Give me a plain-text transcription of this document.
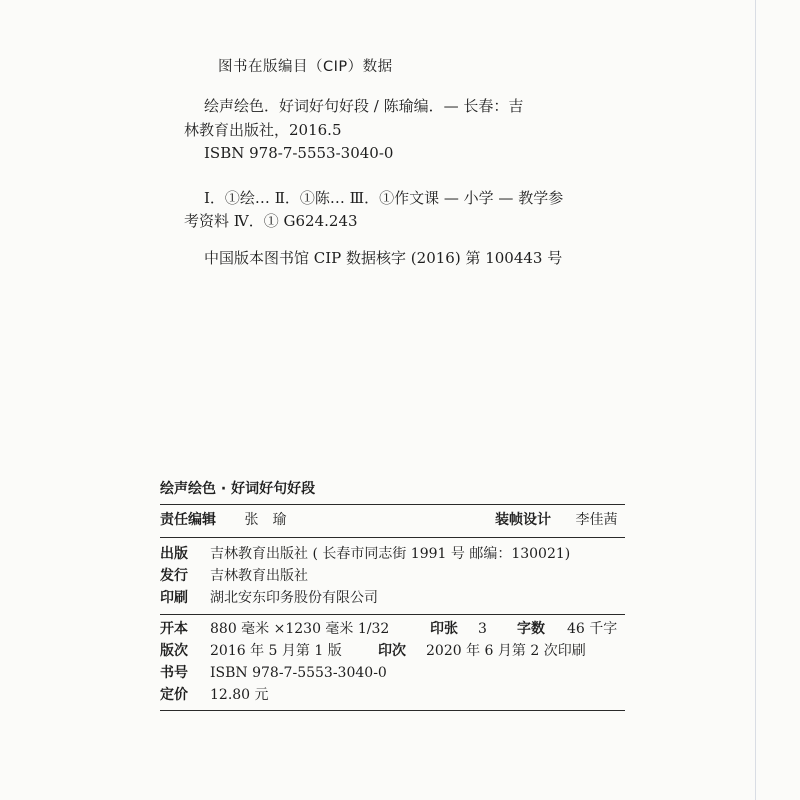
图书在版编目（CIP）数据
绘声绘色．好词好句好段 / 陈瑜编．— 长春：吉
林教育出版社，2016.5
ISBN 978-7-5553-3040-0
Ⅰ．①绘… Ⅱ．①陈… Ⅲ．①作文课 — 小学 — 教学参
考资料 Ⅳ．① G624.243
中国版本图书馆 CIP 数据核字 (2016) 第 100443 号
绘声绘色 · 好词好句好段
责任编辑 张　瑜	装帧设计 李佳茜
出版 吉林教育出版社 ( 长春市同志街 1991 号 邮编：130021)
发行 吉林教育出版社
印刷 湖北安东印务股份有限公司
开本 880 毫米 ×1230 毫米 1/32	印张 3 字数 46 千字
版次 2016 年 5 月第 1 版	印次 2020 年 6 月第 2 次印刷
书号 ISBN 978-7-5553-3040-0
定价 12.80 元
